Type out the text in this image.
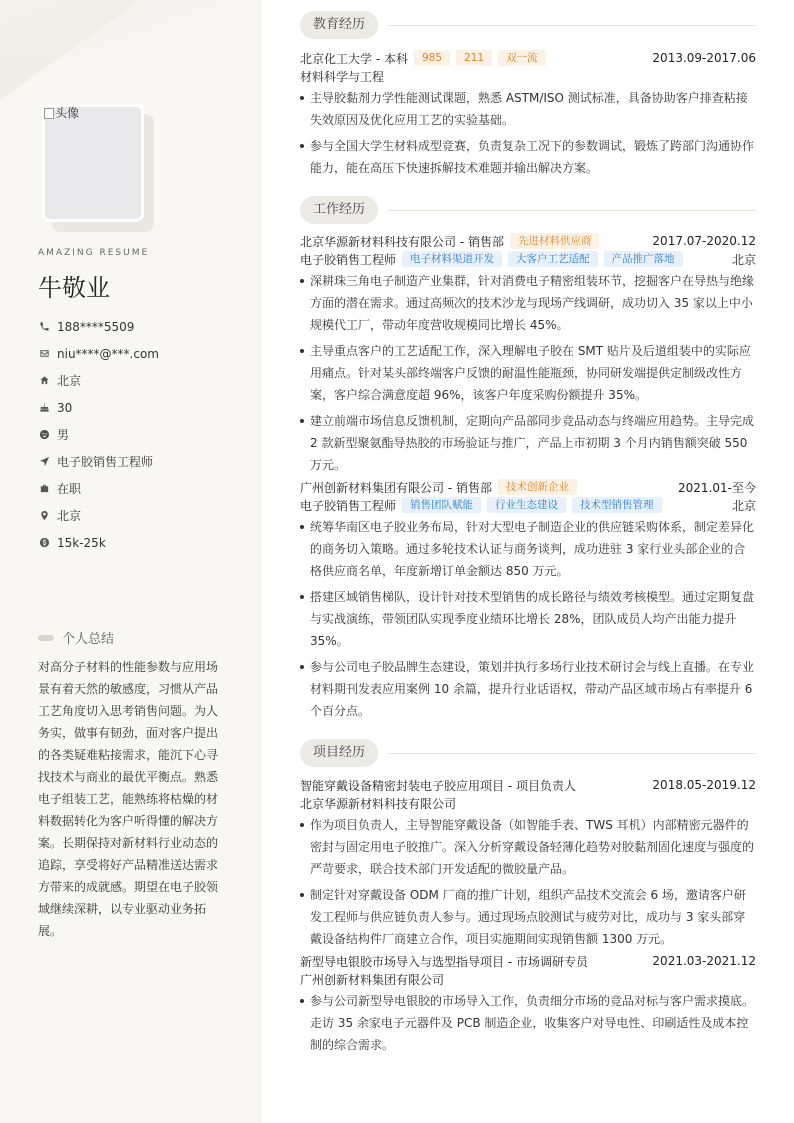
头像
AMAZING RESUME
牛敬业
188****5509
niu****@***.com
北京
30
男
电子胶销售工程师
在职
北京
15k-25k
个人总结

对高分子材料的性能参数与应用场景有着天然的敏感度，习惯从产品工艺角度切入思考销售问题。为人务实，做事有韧劲，面对客户提出的各类疑难粘接需求，能沉下心寻找技术与商业的最优平衡点。熟悉电子组装工艺，能熟练将枯燥的材料数据转化为客户听得懂的解决方案。长期保持对新材料行业动态的追踪，享受将好产品精准送达需求方带来的成就感。期望在电子胶领域继续深耕，以专业驱动业务拓展。

教育经历
北京化工大学 - 本科	985	211	双一流	2013.09-2017.06
材料科学与工程
主导胶黏剂力学性能测试课题，熟悉 ASTM/ISO 测试标准，具备协助客户排查粘接失效原因及优化应用工艺的实验基础。
参与全国大学生材料成型竞赛，负责复杂工况下的参数调试，锻炼了跨部门沟通协作能力，能在高压下快速拆解技术难题并输出解决方案。
工作经历
北京华源新材料科技有限公司 - 销售部	先进材料供应商	2017.07-2020.12
电子胶销售工程师	电子材料渠道开发	大客户工艺适配	产品推广落地	北京
深耕珠三角电子制造产业集群，针对消费电子精密组装环节，挖掘客户在导热与绝缘方面的潜在需求。通过高频次的技术沙龙与现场产线调研，成功切入 35 家以上中小规模代工厂，带动年度营收规模同比增长 45%。
主导重点客户的工艺适配工作，深入理解电子胶在 SMT 贴片及后道组装中的实际应用痛点。针对某头部终端客户反馈的耐温性能瓶颈，协同研发端提供定制级改性方案，客户综合满意度超 96%，该客户年度采购份额提升 35%。
建立前端市场信息反馈机制，定期向产品部同步竞品动态与终端应用趋势。主导完成 2 款新型聚氨酯导热胶的市场验证与推广，产品上市初期 3 个月内销售额突破 550 万元。
广州创新材料集团有限公司 - 销售部	技术创新企业	2021.01-至今
电子胶销售工程师	销售团队赋能	行业生态建设	技术型销售管理	北京
统筹华南区电子胶业务布局，针对大型电子制造企业的供应链采购体系，制定差异化的商务切入策略。通过多轮技术认证与商务谈判，成功进驻 3 家行业头部企业的合格供应商名单，年度新增订单金额达 850 万元。
搭建区域销售梯队，设计针对技术型销售的成长路径与绩效考核模型。通过定期复盘与实战演练，带领团队实现季度业绩环比增长 28%，团队成员人均产出能力提升 35%。
参与公司电子胶品牌生态建设，策划并执行多场行业技术研讨会与线上直播。在专业材料期刊发表应用案例 10 余篇，提升行业话语权，带动产品区域市场占有率提升 6 个百分点。
项目经历
智能穿戴设备精密封装电子胶应用项目 - 项目负责人	2018.05-2019.12
北京华源新材料科技有限公司
作为项目负责人，主导智能穿戴设备（如智能手表、TWS 耳机）内部精密元器件的密封与固定用电子胶推广。深入分析穿戴设备轻薄化趋势对胶黏剂固化速度与强度的严苛要求，联合技术部门开发适配的微胶量产品。
制定针对穿戴设备 ODM 厂商的推广计划，组织产品技术交流会 6 场，邀请客户研发工程师与供应链负责人参与。通过现场点胶测试与疲劳对比，成功与 3 家头部穿戴设备结构件厂商建立合作，项目实施期间实现销售额 1300 万元。
新型导电银胶市场导入与选型指导项目 - 市场调研专员	2021.03-2021.12
广州创新材料集团有限公司
参与公司新型导电银胶的市场导入工作，负责细分市场的竞品对标与客户需求摸底。走访 35 余家电子元器件及 PCB 制造企业，收集客户对导电性、印刷适性及成本控制的综合需求。
